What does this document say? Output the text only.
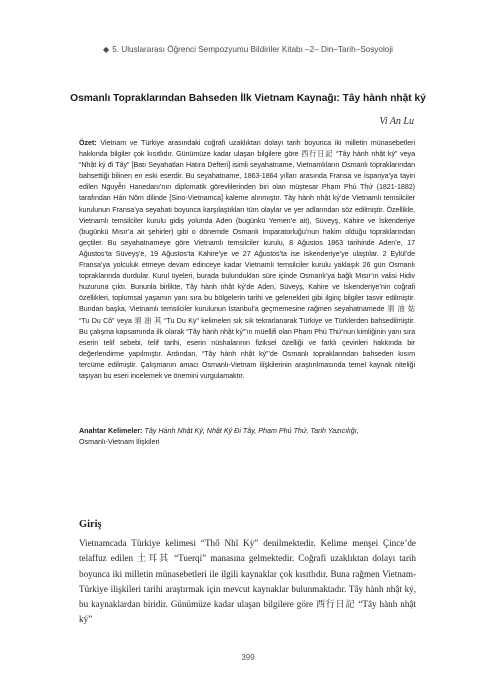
◆ 5. Uluslararası Öğrenci Sempozyumu Bildiriler Kitabı –2– Din–Tarih–Sosyoloji
Osmanlı Topraklarından Bahseden İlk Vietnam Kaynağı: Tây hành nhật ký
Vi An Lu
Özet: Vietnam ve Türkiye arasındaki coğrafi uzaklıktan dolayı tarih boyunca iki milletin münasebetleri hakkında bilgiler çok kısıtlıdır. Günümüze kadar ulaşan bilgilere göre 西行日記 “Tây hành nhật ký” veya “Nhật ký đi Tây” [Batı Seyahatları Hatıra Defteri] isimli seyahatname, Vietnamlıların Osmanlı topraklarından bahsettiği bilinen en eski eserdir. Bu seyahatname, 1863-1864 yılları arasında Fransa ve İspanya’ya tayin edilen Nguyễn Hanedanı’nın diplomatik görevlilerinden biri olan müştesar Phạm Phú Thứ (1821-1882) tarafından Hán Nôm dilinde [Sino-Vietnamca] kaleme alınmıştır. Tây hành nhật ký’de Vietnamlı temsilciler kurulunun Fransa’ya seyahati boyunca karşılaştıkları tüm olaylar ve yer adlarından söz edilmiştir. Özellikle, Vietnamlı temsilciler kurulu gidiş yolunda Aden (bugünkü Yemen’e ait), Süveyş, Kahire ve İskenderiye (bugünkü Mısır’a ait şehirler) gibi o dönemde Osmanlı İmparatorluğu’nun hakim olduğu topraklarından geçtiler. Bu seyahatnameye göre Vietnamlı temsilciler kurulu, 8 Ağustos 1863 tarihinde Aden’e, 17 Ağustos’ta Süveyş’e, 19 Ağustos’ta Kahire’ye ve 27 Ağustos’ta ise İskenderiye’ye ulaştılar. 2 Eylül’de Fransa’ya yolculuk etmeye devam edinceye kadar Vietnamlı temsilciler kurulu yaklaşık 26 gün Osmanlı topraklarında durdular. Kurul üyeleri, burada bulundukları süre içinde Osmanlı’ya bağlı Mısır’ın valisi Hidiv huzuruna çıktı. Bununla birlikte, Tây hành nhật ký’de Aden, Süveyş, Kahire ve İskenderiye’nin coğrafi özellikleri, toplumsal yaşamın yanı sıra bu bölgelerin tarihi ve gelenekleri gibi ilginç bilgiler tasvir edilmiştir. Bundan başka, Vietnamlı temsilciler kurulunun İstanbul’a geçmemesine rağmen seyahatnamede 須 油 姑 “Tu Du Cô” veya 須 油 其 “Tu Du Ky” kelimeleri sık sık tekrarlanarak Türkiye ve Türklerden bahsedilmiştir. Bu çalışma kapsamında ilk olarak “Tây hành nhật ký”’ın müellifi olan Phạm Phú Thứ’nun kimliğinin yanı sıra eserin telif sebebi, telif tarihi, eserin nüshalarının fiziksel özelliği ve farklı çevirileri hakkında bir değerlendirme yapılmıştır. Ardından, “Tây hành nhật ký”’de Osmanlı topraklarından bahseden kısım tercüme edilmiştir. Çalışmanın amacı Osmanlı-Vietnam ilişkilerinin araştırılmasında temel kaynak niteliği taşıyan bu eseri incelemek ve önemini vurgulamaktır.
Anahtar Kelimeler: Tây Hành Nhật Ký, Nhật Ký Đi Tây, Phạm Phú Thứ, Tarih Yazıcılığı,
Osmanlı-Vietnam İlişkileri
Giriş
Vietnamcada Türkiye kelimesi “Thổ Nhĩ Kỳ” denilmektedir. Kelime menşei Çince’de telaffuz edilen 土耳其 “Tuerqi” manasına gelmektedir. Coğrafi uzaklıktan dolayı tarih boyunca iki milletin münasebetleri ile ilgili kaynaklar çok kısıtlıdır. Buna rağmen Vietnam-Türkiye ilişkileri tarihi araştırmak için mevcut kaynaklar bulunmaktadır. Tây hành nhật ký, bu kaynaklardan biridir. Günümüze kadar ulaşan bilgilere göre 西行日記 “Tây hành nhật ký”
399
